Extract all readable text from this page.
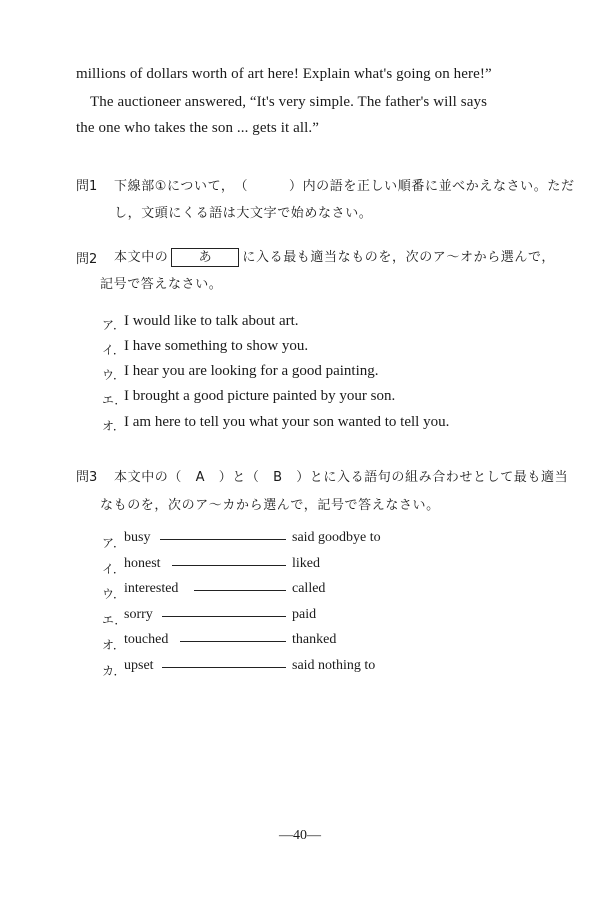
millions of dollars worth of art here! Explain what's going on here!”
The auctioneer answered, “It's very simple. The father's will says
the one who takes the son ... gets it all.”
問1 下線部①について，（　　　）内の語を正しい順番に並べかえなさい。ただ
し，文頭にくる語は大文字で始めなさい。
問2 本文中の あ に入る最も適当なものを，次のア～オから選んで，
記号で答えなさい。
ア．
I would like to talk about art.
イ． I have something to show you.
ウ．
I hear you are looking for a good painting.
エ．
I brought a good picture painted by your son.
オ． I am here to tell you what your son wanted to tell you.
問3 本文中の（　A　）と（　B　）とに入る語句の組み合わせとして最も適当
なものを，次のア～カから選んで，記号で答えなさい。
ア．
busy	said goodbye to
イ． honest	liked
ウ．
interested	called
エ．
sorry	paid
オ． touched	thanked
カ．
upset	said nothing to
—40—
